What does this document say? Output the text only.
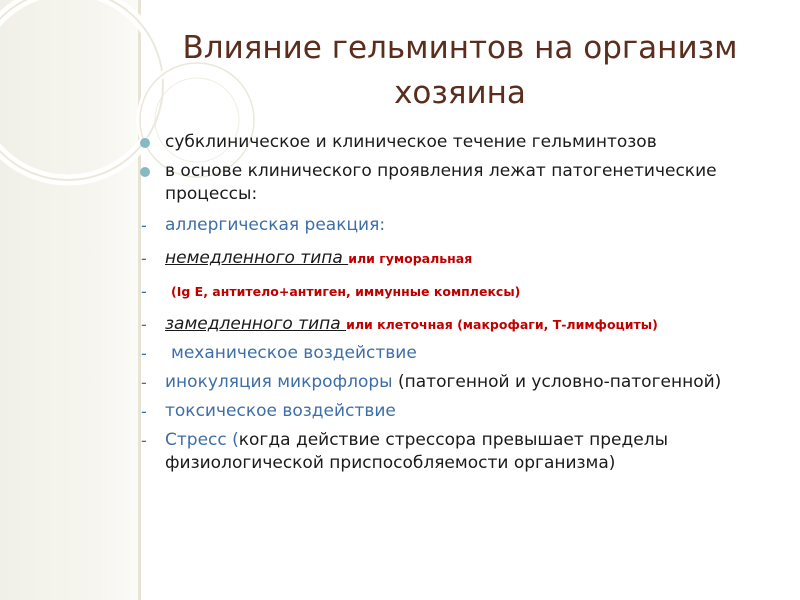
Влияние гельминтов на организм хозяина
субклиническое и клиническое течение гельминтозов
в основе клинического проявления лежат патогенетические процессы:
- аллергическая реакция:
- немедленного типа или гуморальная
- (Ig E, антитело+антиген, иммунные комплексы)
- замедленного типа или клеточная (макрофаги, Т-лимфоциты)
- механическое воздействие
- инокуляция микрофлоры (патогенной и условно-патогенной)
- токсическое воздействие
- Стресс (когда действие стрессора превышает пределы физиологической приспособляемости организма)
